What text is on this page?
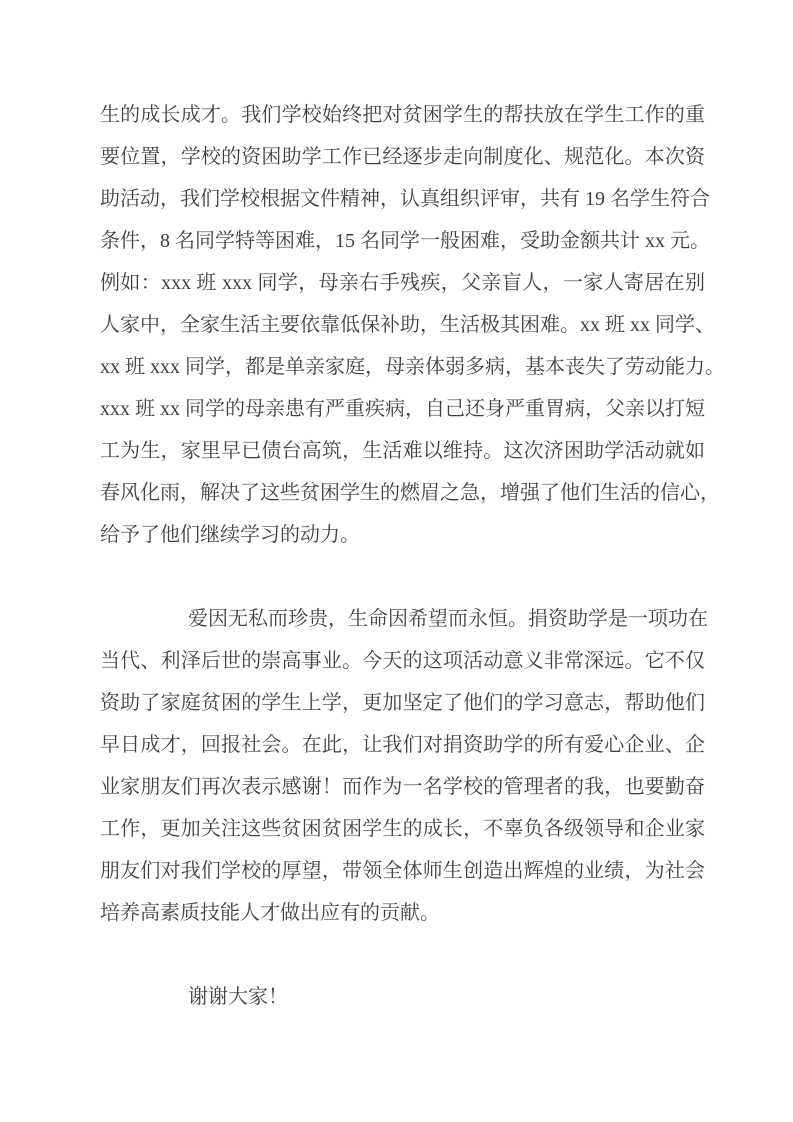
生的成长成才。我们学校始终把对贫困学生的帮扶放在学生工作的重
要位置，学校的资困助学工作已经逐步走向制度化、规范化。本次资
助活动，我们学校根据文件精神，认真组织评审，共有 19 名学生符合
条件，8 名同学特等困难，15 名同学一般困难，受助金额共计 xx 元。
例如：xxx 班 xxx 同学，母亲右手残疾，父亲盲人，一家人寄居在别
人家中，全家生活主要依靠低保补助，生活极其困难。xx 班 xx 同学、
xx 班 xxx 同学，都是单亲家庭，母亲体弱多病，基本丧失了劳动能力。
xxx 班 xx 同学的母亲患有严重疾病，自己还身严重胃病，父亲以打短
工为生，家里早已债台高筑，生活难以维持。这次济困助学活动就如
春风化雨，解决了这些贫困学生的燃眉之急，增强了他们生活的信心，
给予了他们继续学习的动力。
爱因无私而珍贵，生命因希望而永恒。捐资助学是一项功在
当代、利泽后世的崇高事业。今天的这项活动意义非常深远。它不仅
资助了家庭贫困的学生上学，更加坚定了他们的学习意志，帮助他们
早日成才，回报社会。在此，让我们对捐资助学的所有爱心企业、企
业家朋友们再次表示感谢！而作为一名学校的管理者的我，也要勤奋
工作，更加关注这些贫困贫困学生的成长，不辜负各级领导和企业家
朋友们对我们学校的厚望，带领全体师生创造出辉煌的业绩，为社会
培养高素质技能人才做出应有的贡献。
谢谢大家！
